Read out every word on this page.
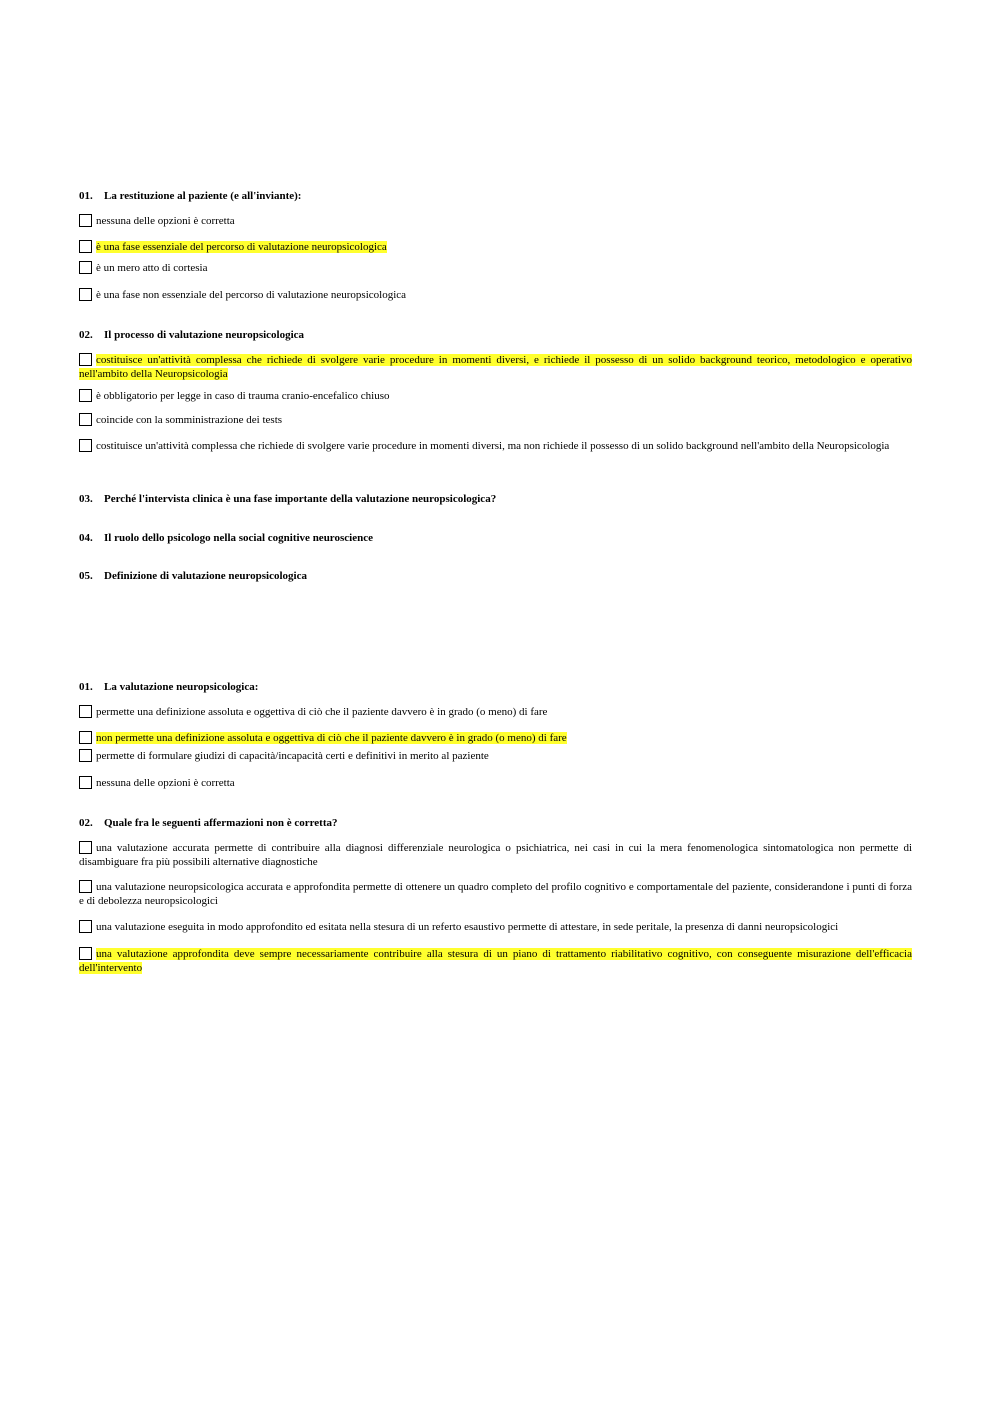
01. La restituzione al paziente (e all'inviante):
nessuna delle opzioni è corretta
è una fase essenziale del percorso di valutazione neuropsicologica
è un mero atto di cortesia
è una fase non essenziale del percorso di valutazione neuropsicologica
02. Il processo di valutazione neuropsicologica
costituisce un'attività complessa che richiede di svolgere varie procedure in momenti diversi, e richiede il possesso di un solido background teorico, metodologico e operativo nell'ambito della Neuropsicologia
è obbligatorio per legge in caso di trauma cranio-encefalico chiuso
coincide con la somministrazione dei tests
costituisce un'attività complessa che richiede di svolgere varie procedure in momenti diversi, ma non richiede il possesso di un solido background nell'ambito della Neuropsicologia
03. Perché l'intervista clinica è una fase importante della valutazione neuropsicologica?
04. Il ruolo dello psicologo nella social cognitive neuroscience
05. Definizione di valutazione neuropsicologica
01. La valutazione neuropsicologica:
permette una definizione assoluta e oggettiva di ciò che il paziente davvero è in grado (o meno) di fare
non permette una definizione assoluta e oggettiva di ciò che il paziente davvero è in grado (o meno) di fare
permette di formulare giudizi di capacità/incapacità certi e definitivi in merito al paziente
nessuna delle opzioni è corretta
02. Quale fra le seguenti affermazioni non è corretta?
una valutazione accurata permette di contribuire alla diagnosi differenziale neurologica o psichiatrica, nei casi in cui la mera fenomenologica sintomatologica non permette di disambiguare fra più possibili alternative diagnostiche
una valutazione neuropsicologica accurata e approfondita permette di ottenere un quadro completo del profilo cognitivo e comportamentale del paziente, considerandone i punti di forza e di debolezza neuropsicologici
una valutazione eseguita in modo approfondito ed esitata nella stesura di un referto esaustivo permette di attestare, in sede peritale, la presenza di danni neuropsicologici
una valutazione approfondita deve sempre necessariamente contribuire alla stesura di un piano di trattamento riabilitativo cognitivo, con conseguente misurazione dell'efficacia dell'intervento
